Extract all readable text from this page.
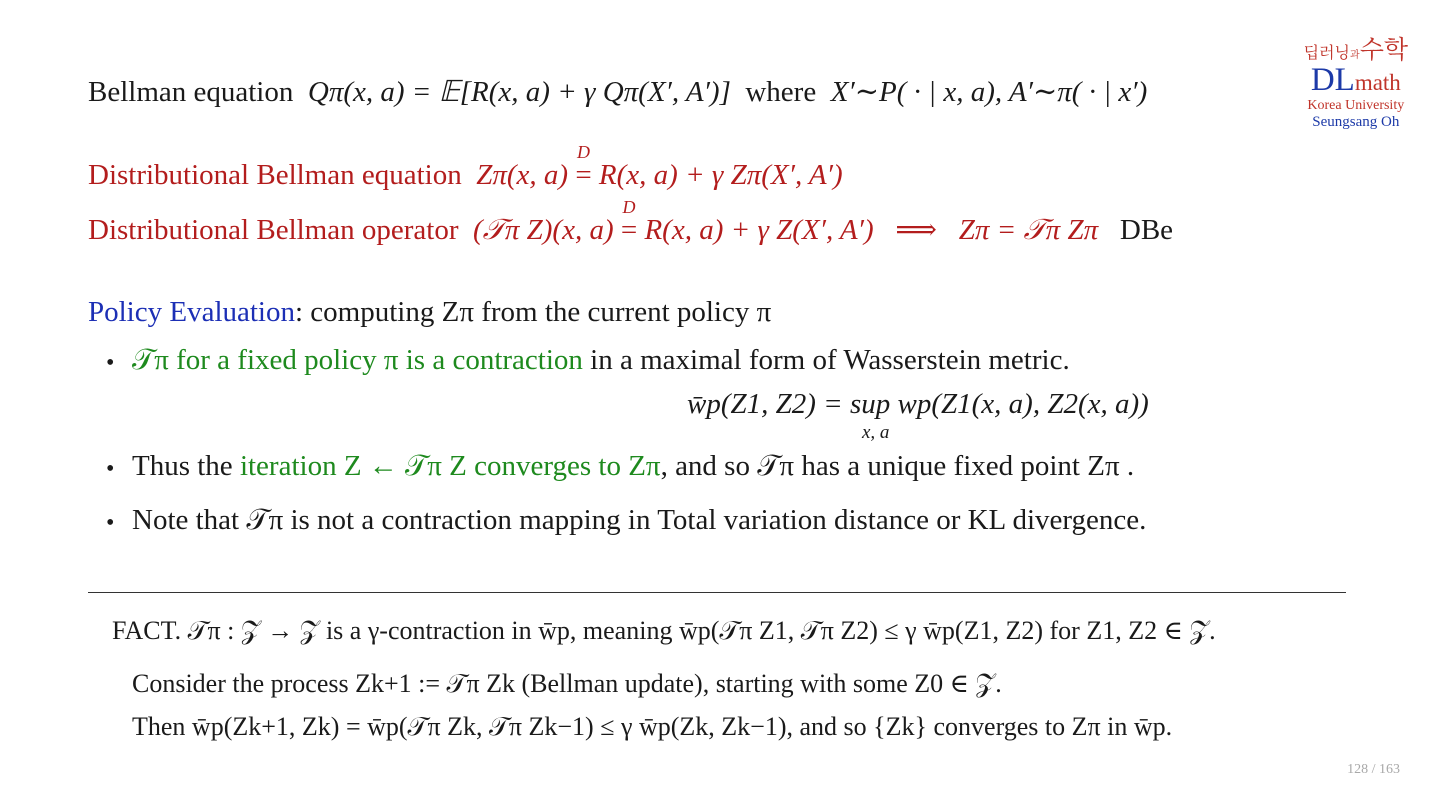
딥러닝과수학
DLmath
Korea University
Seungsang Oh
Bellman equation Qπ(x, a) = 𝔼[R(x, a) + γ Qπ(X′, A′)] where X′∼P( · | x, a), A′∼π( · | x′)
Distributional Bellman equation Zπ(x, a)
D
= R(x, a) + γ Zπ(X′, A′)
Distributional Bellman operator (𝒯π Z)(x, a)
D
= R(x, a) + γ Z(X′, A′) ⟹ Zπ = 𝒯π Zπ DBe
Policy Evaluation: computing Zπ from the current policy π
• 𝒯π for a fixed policy π is a contraction in a maximal form of Wasserstein metric.
w̄p(Z1, Z2) = sup wp(Z1(x, a), Z2(x, a))
x, a
• Thus the iteration Z ← 𝒯π Z converges to Zπ, and so 𝒯π has a unique fixed point Zπ .
• Note that 𝒯π is not a contraction mapping in Total variation distance or KL divergence.
FACT. 𝒯π : 𝒵 → 𝒵 is a γ-contraction in w̄p, meaning w̄p(𝒯π Z1, 𝒯π Z2) ≤ γ w̄p(Z1, Z2) for Z1, Z2 ∈ 𝒵.
Consider the process Zk+1 := 𝒯π Zk (Bellman update), starting with some Z0 ∈ 𝒵.
Then w̄p(Zk+1, Zk) = w̄p(𝒯π Zk, 𝒯π Zk−1) ≤ γ w̄p(Zk, Zk−1), and so {Zk} converges to Zπ in w̄p.
128 / 163
